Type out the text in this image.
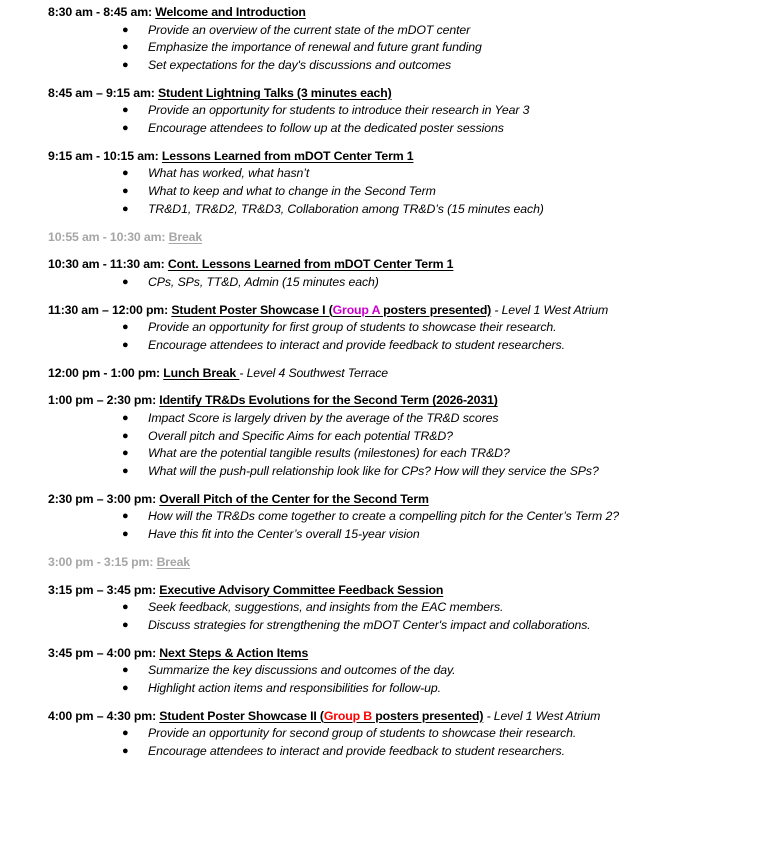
8:30 am - 8:45 am: Welcome and Introduction
● Provide an overview of the current state of the mDOT center
● Emphasize the importance of renewal and future grant funding
● Set expectations for the day's discussions and outcomes
8:45 am – 9:15 am: Student Lightning Talks (3 minutes each)
● Provide an opportunity for students to introduce their research in Year 3
● Encourage attendees to follow up at the dedicated poster sessions
9:15 am - 10:15 am: Lessons Learned from mDOT Center Term 1
● What has worked, what hasn’t
● What to keep and what to change in the Second Term
● TR&D1, TR&D2, TR&D3, Collaboration among TR&D’s (15 minutes each)
10:55 am - 10:30 am: Break
10:30 am - 11:30 am: Cont. Lessons Learned from mDOT Center Term 1
● CPs, SPs, TT&D, Admin (15 minutes each)
11:30 am – 12:00 pm: Student Poster Showcase I (Group A posters presented) - Level 1 West Atrium
● Provide an opportunity for first group of students to showcase their research.
● Encourage attendees to interact and provide feedback to student researchers.
12:00 pm - 1:00 pm: Lunch Break - Level 4 Southwest Terrace
1:00 pm – 2:30 pm: Identify TR&Ds Evolutions for the Second Term (2026-2031)
● Impact Score is largely driven by the average of the TR&D scores
● Overall pitch and Specific Aims for each potential TR&D?
● What are the potential tangible results (milestones) for each TR&D?
● What will the push-pull relationship look like for CPs? How will they service the SPs?
2:30 pm – 3:00 pm: Overall Pitch of the Center for the Second Term
● How will the TR&Ds come together to create a compelling pitch for the Center’s Term 2?
● Have this fit into the Center’s overall 15-year vision
3:00 pm - 3:15 pm: Break
3:15 pm – 3:45 pm: Executive Advisory Committee Feedback Session
● Seek feedback, suggestions, and insights from the EAC members.
● Discuss strategies for strengthening the mDOT Center's impact and collaborations.
3:45 pm – 4:00 pm: Next Steps & Action Items
● Summarize the key discussions and outcomes of the day.
● Highlight action items and responsibilities for follow-up.
4:00 pm – 4:30 pm: Student Poster Showcase II (Group B posters presented) - Level 1 West Atrium
● Provide an opportunity for second group of students to showcase their research.
● Encourage attendees to interact and provide feedback to student researchers.
